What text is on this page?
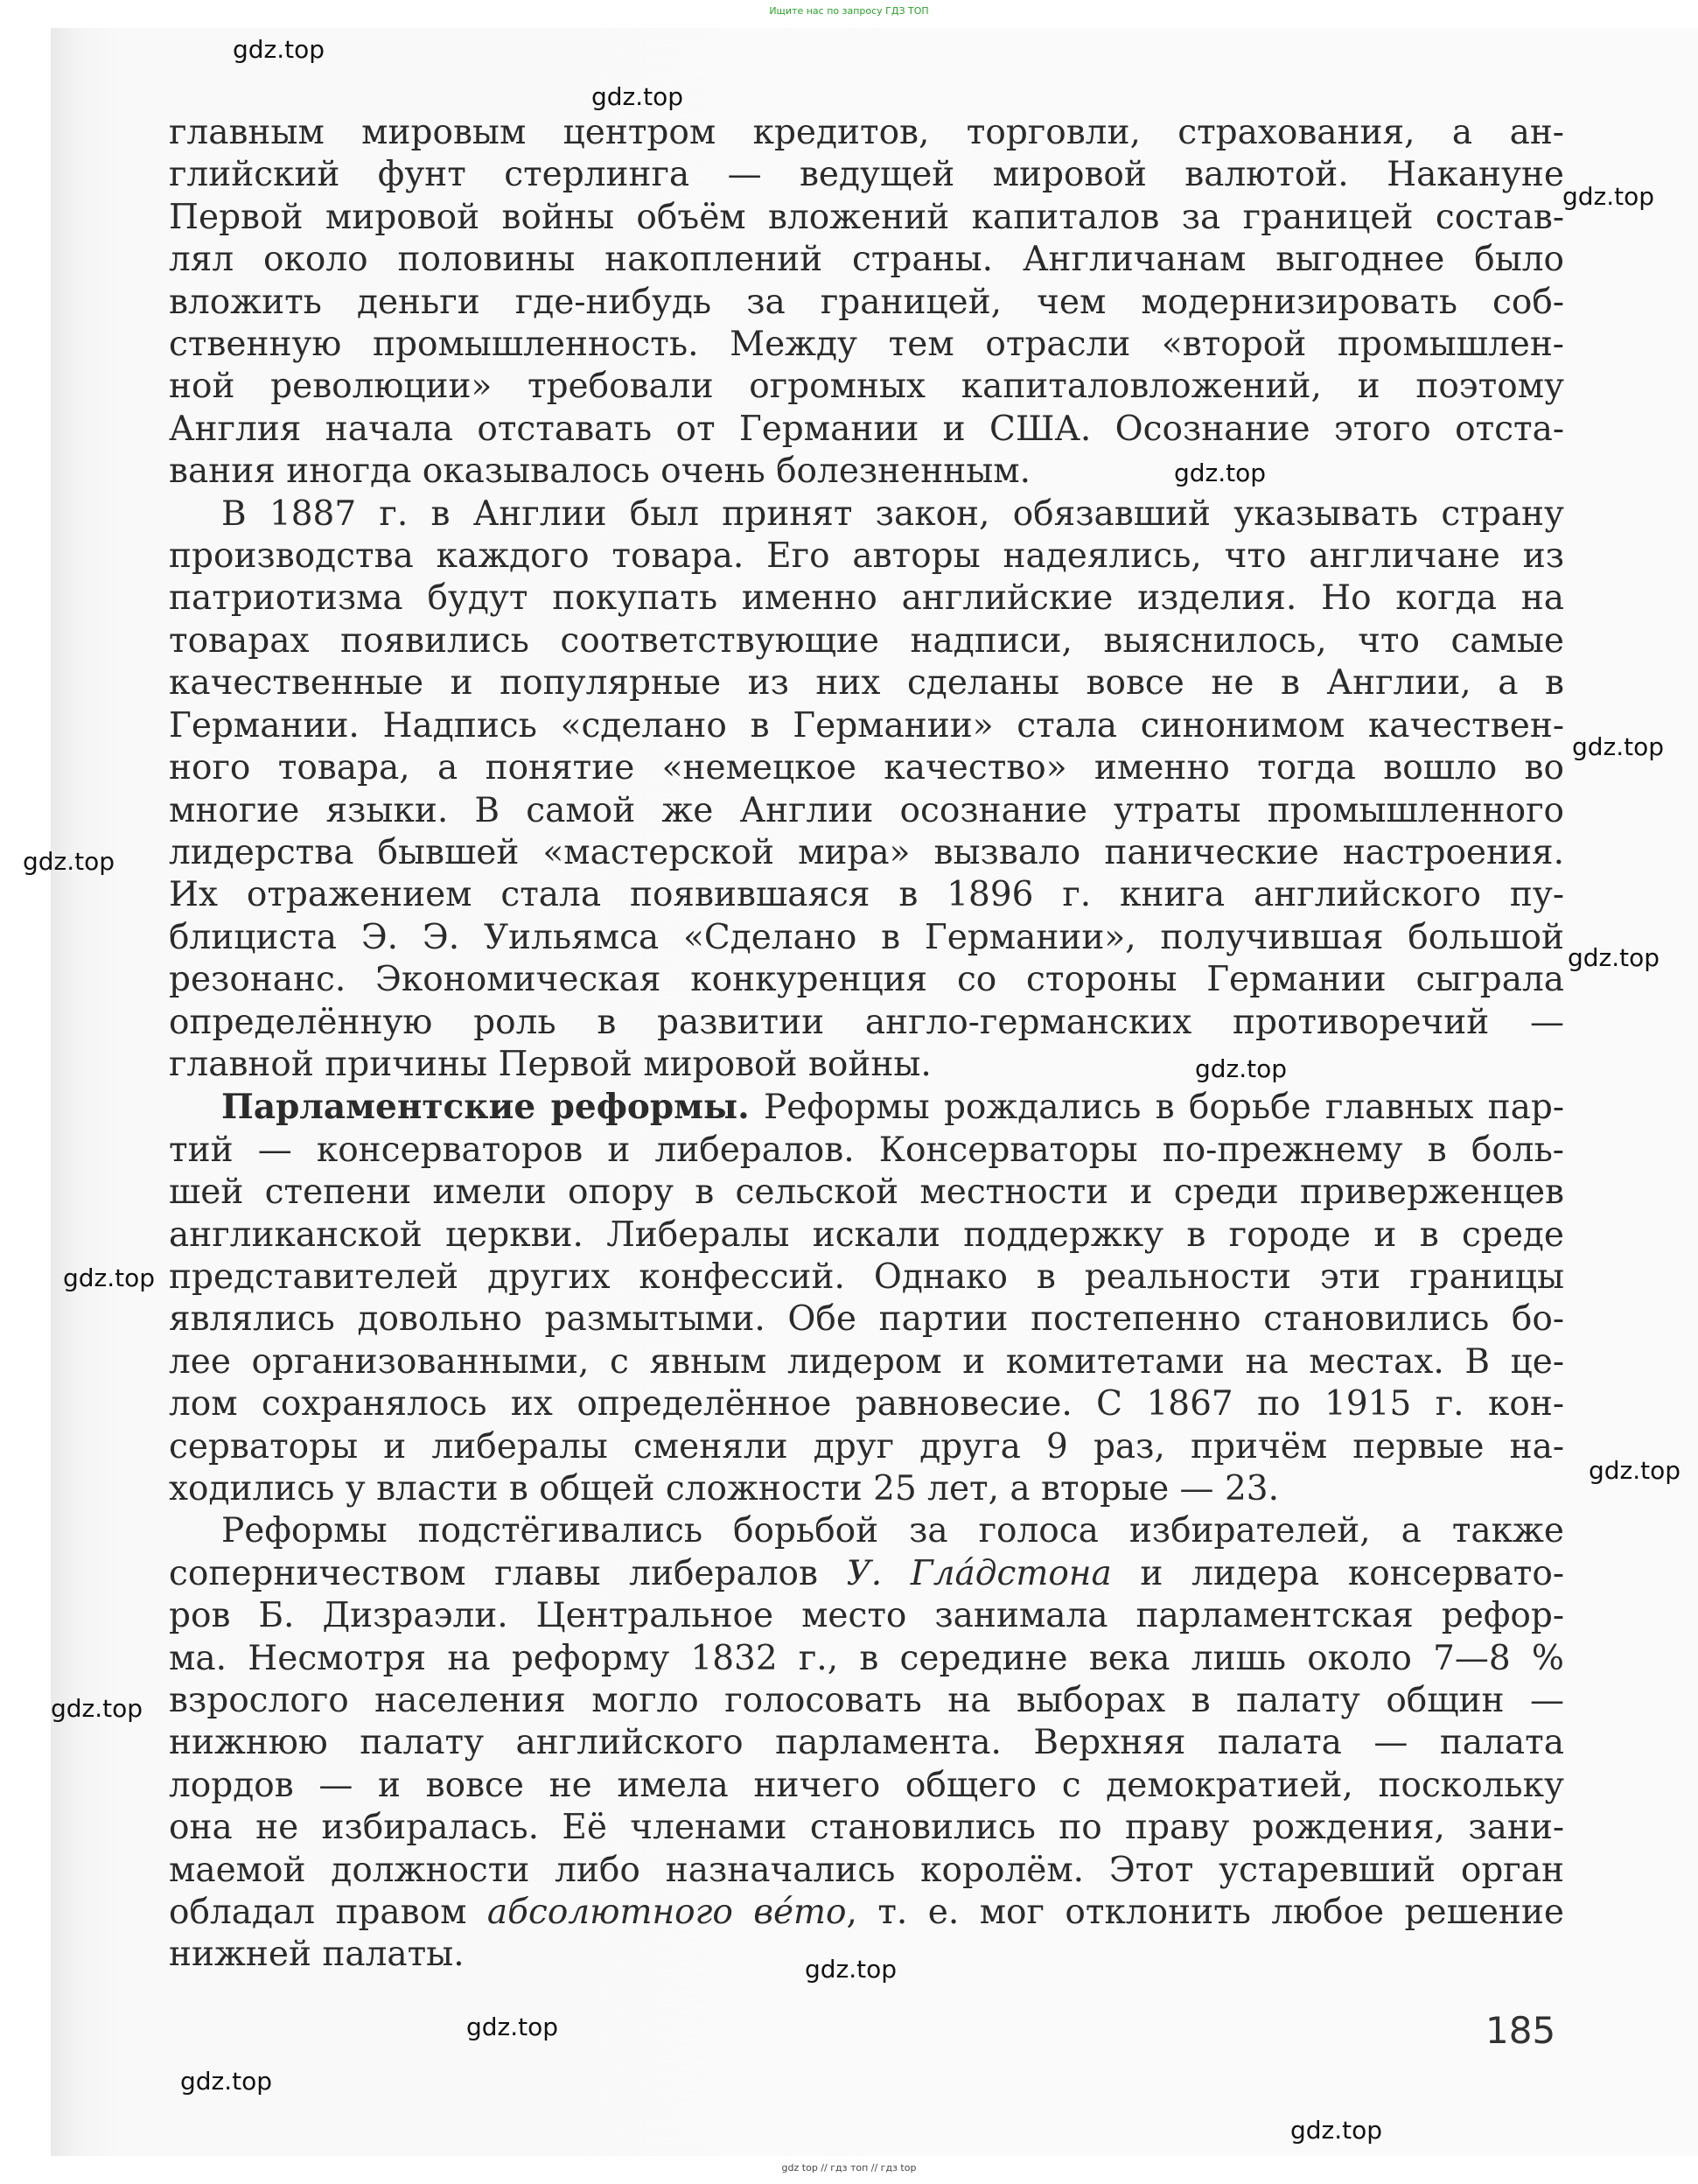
Ищите нас по запросу ГДЗ ТОП

главным мировым центром кредитов, торговли, страхования, а ан-

глийский фунт стерлинга — ведущей мировой валютой. Накануне

Первой мировой войны объём вложений капиталов за границей состав-

лял около половины накоплений страны. Англичанам выгоднее было

вложить деньги где-нибудь за границей, чем модернизировать соб-

ственную промышленность. Между тем отрасли «второй промышлен-

ной революции» требовали огромных капиталовложений, и поэтому

Англия начала отставать от Германии и США. Осознание этого отста-

вания иногда оказывалось очень болезненным.

В 1887 г. в Англии был принят закон, обязавший указывать страну

производства каждого товара. Его авторы надеялись, что англичане из

патриотизма будут покупать именно английские изделия. Но когда на

товарах появились соответствующие надписи, выяснилось, что самые

качественные и популярные из них сделаны вовсе не в Англии, а в

Германии. Надпись «сделано в Германии» стала синонимом качествен-

ного товара, а понятие «немецкое качество» именно тогда вошло во

многие языки. В самой же Англии осознание утраты промышленного

лидерства бывшей «мастерской мира» вызвало панические настроения.

Их отражением стала появившаяся в 1896 г. книга английского пу-

блициста Э. Э. Уильямса «Сделано в Германии», получившая большой

резонанс. Экономическая конкуренция со стороны Германии сыграла

определённую роль в развитии англо-германских противоречий —

главной причины Первой мировой войны.

Парламентские реформы. Реформы рождались в борьбе главных пар-

тий — консерваторов и либералов. Консерваторы по-прежнему в боль-

шей степени имели опору в сельской местности и среди приверженцев

англиканской церкви. Либералы искали поддержку в городе и в среде

представителей других конфессий. Однако в реальности эти границы

являлись довольно размытыми. Обе партии постепенно становились бо-

лее организованными, с явным лидером и комитетами на местах. В це-

лом сохранялось их определённое равновесие. С 1867 по 1915 г. кон-

серваторы и либералы сменяли друг друга 9 раз, причём первые на-

ходились у власти в общей сложности 25 лет, а вторые — 23.

Реформы подстёгивались борьбой за голоса избирателей, а также

соперничеством главы либералов У. Гла́дстона и лидера консервато-

ров Б. Дизраэли. Центральное место занимала парламентская рефор-

ма. Несмотря на реформу 1832 г., в середине века лишь около 7—8 %

взрослого населения могло голосовать на выборах в палату общин —

нижнюю палату английского парламента. Верхняя палата — палата

лордов — и вовсе не имела ничего общего с демократией, поскольку

она не избиралась. Её членами становились по праву рождения, зани-

маемой должности либо назначались королём. Этот устаревший орган

обладал правом абсолютного ве́то, т. е. мог отклонить любое решение

нижней палаты.

185
gdz.top
gdz.top
gdz.top
gdz.top
gdz.top
gdz.top
gdz.top
gdz.top
gdz.top
gdz.top
gdz.top
gdz.top
gdz.top
gdz.top
gdz.top
gdz top // гдз топ // гдз top
